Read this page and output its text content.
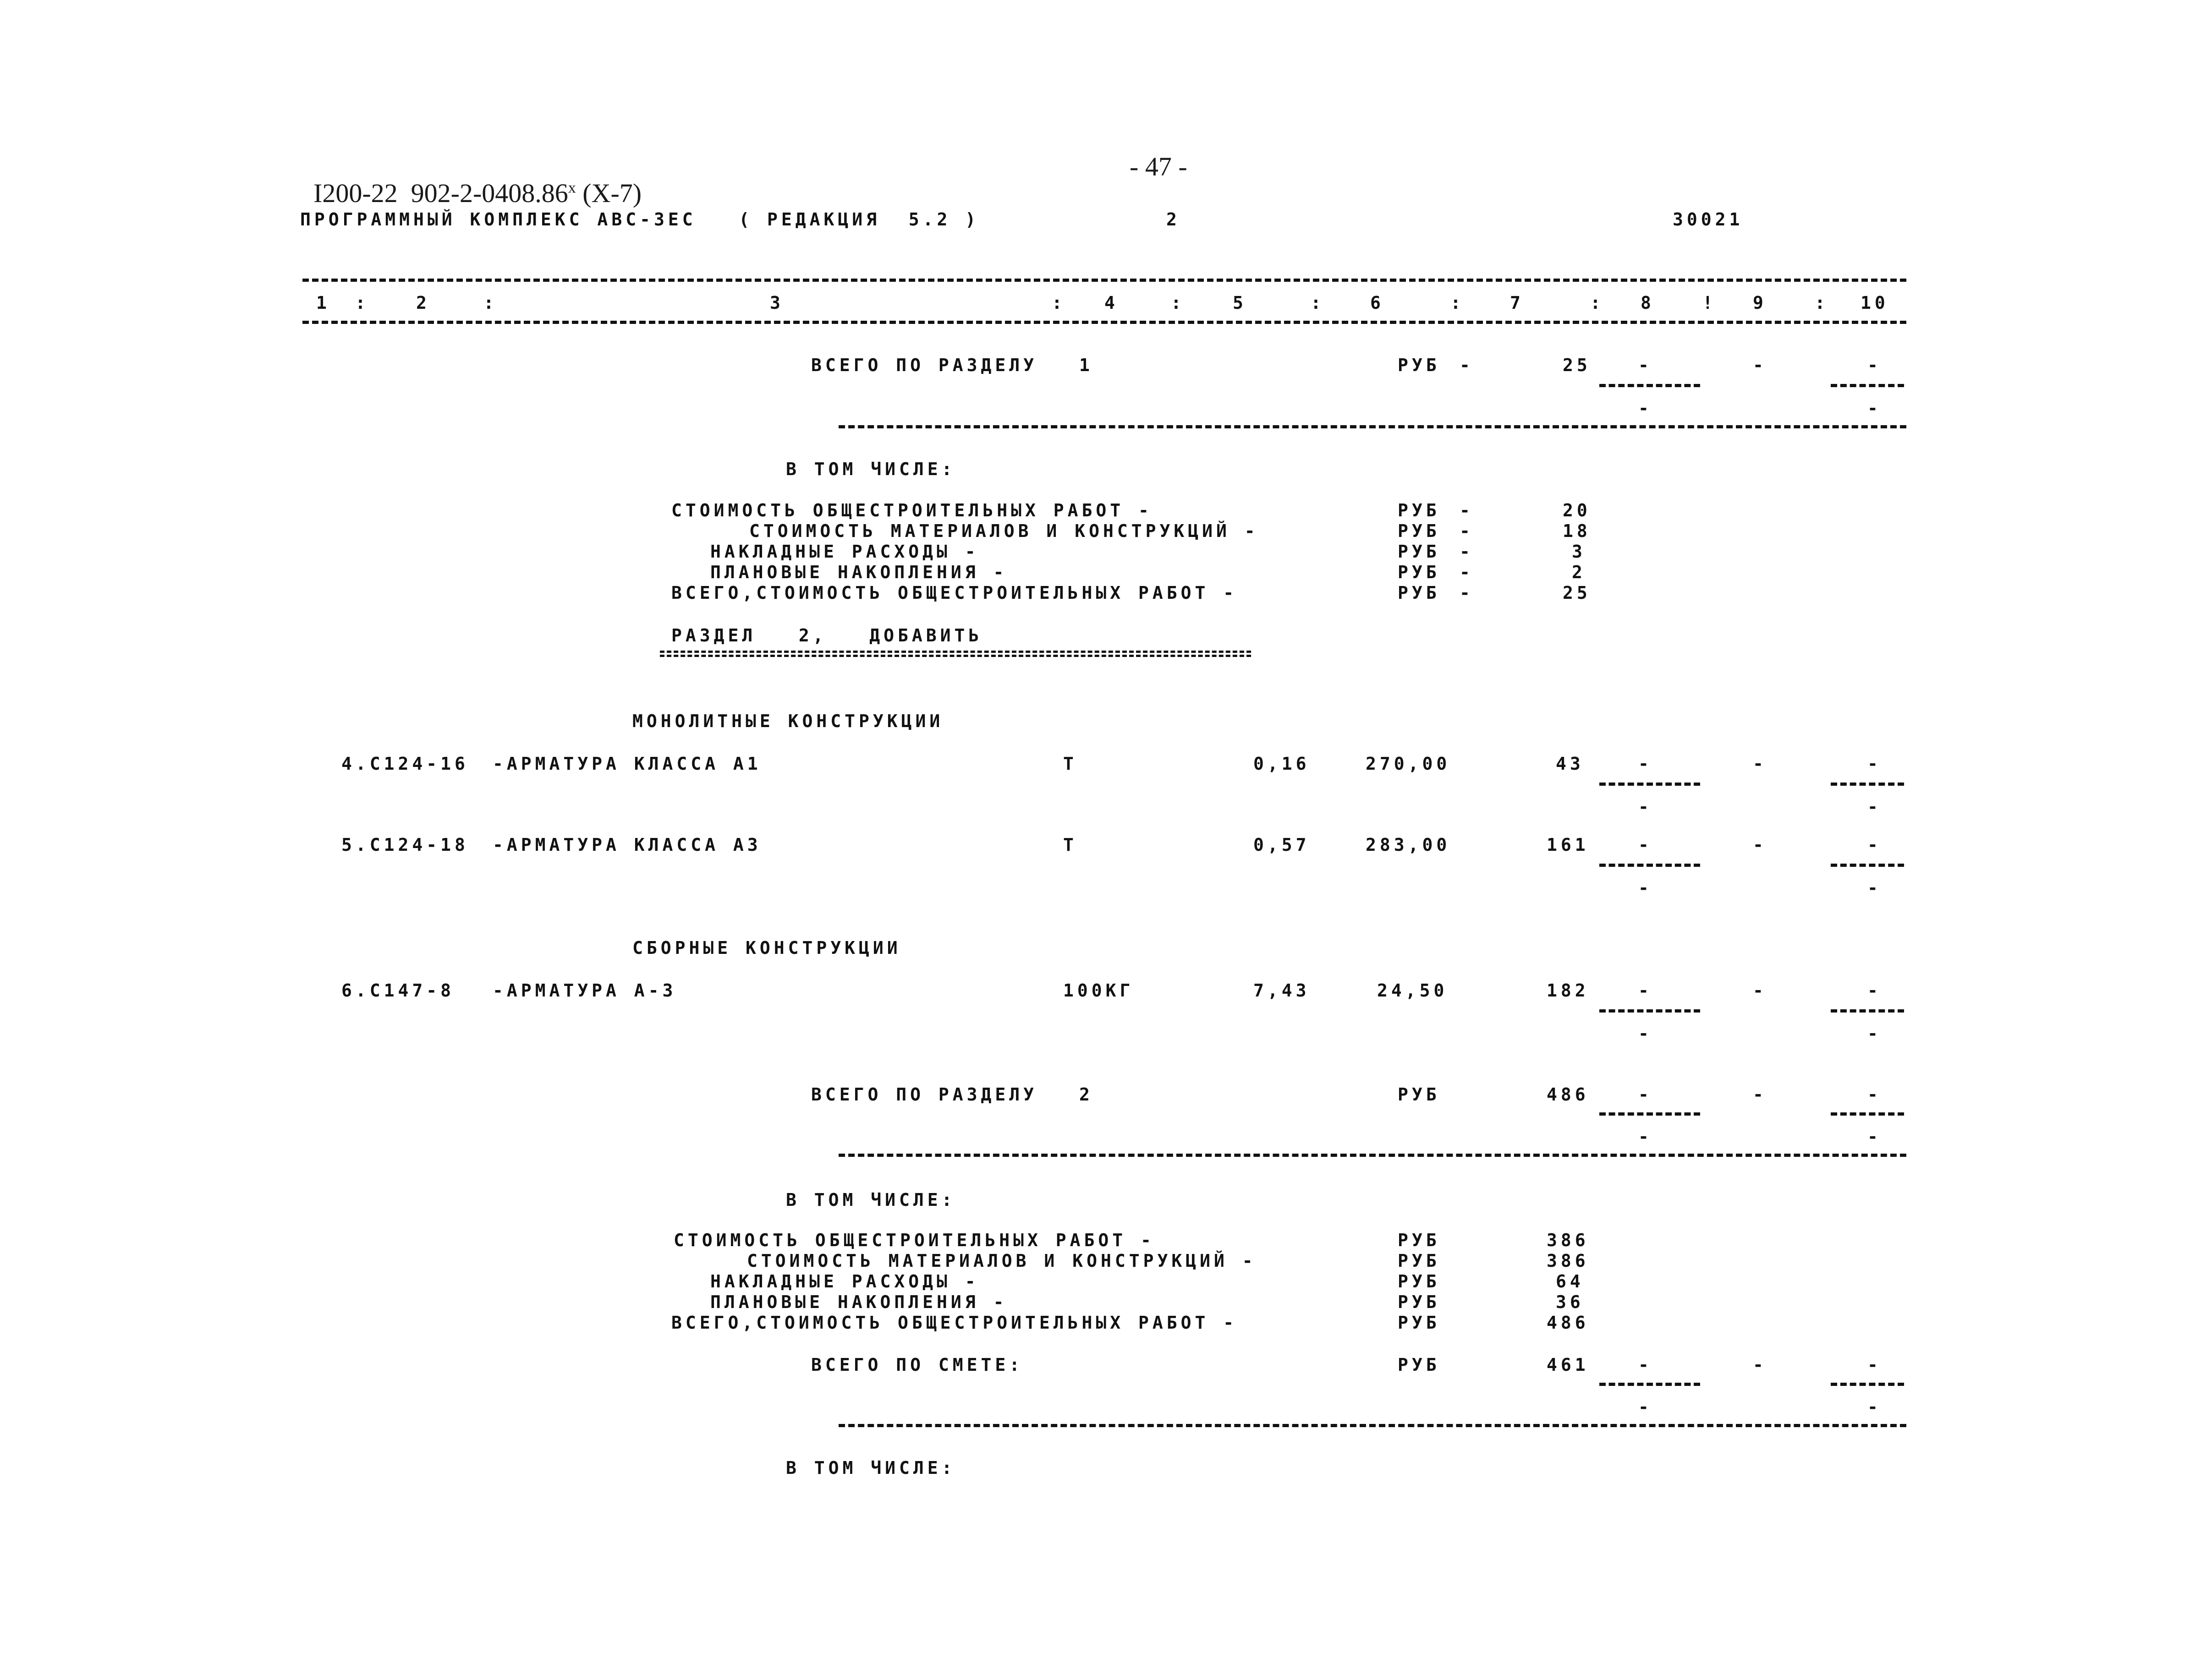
I200-22  902-2-0408.86$^x$ (X-7)

- 47 -
ПРОГРАММНЫЙ КОМПЛЕКС АВС-ЗЕС   ( РЕДАКЦИЯ  5.2 )	2	30021
1 :	2	:	3	: 4	:	5	:	6	:	7	: 8	! 9	: 10
ВСЕГО ПО РАЗДЕЛУ 1	РУБ -	25	-	-	-
-	-
В ТОМ ЧИСЛЕ:
СТОИМОСТЬ ОБЩЕСТРОИТЕЛЬНЫХ РАБОТ -	РУБ -	20
СТОИМОСТЬ МАТЕРИАЛОВ И КОНСТРУКЦИЙ -	РУБ -	18
НАКЛАДНЫЕ РАСХОДЫ -	РУБ -	3
ПЛАНОВЫЕ НАКОПЛЕНИЯ -	РУБ -	2
ВСЕГО,СТОИМОСТЬ ОБЩЕСТРОИТЕЛЬНЫХ РАБОТ -	РУБ -	25
РАЗДЕЛ   2,   ДОБАВИТЬ
МОНОЛИТНЫЕ КОНСТРУКЦИИ
4.С124-16 -АРМАТУРА КЛАССА А1	Т	0,16	270,00	43	-	-	-
-	-
5.С124-18 -АРМАТУРА КЛАССА А3	Т	0,57	283,00	161	-	-	-
-	-
СБОРНЫЕ КОНСТРУКЦИИ
6.С147-8 -АРМАТУРА А-3	100КГ	7,43	24,50	182	-	-	-
-	-
ВСЕГО ПО РАЗДЕЛУ 2	РУБ	486	-	-	-
-	-
В ТОМ ЧИСЛЕ:
СТОИМОСТЬ ОБЩЕСТРОИТЕЛЬНЫХ РАБОТ -	РУБ	386
СТОИМОСТЬ МАТЕРИАЛОВ И КОНСТРУКЦИЙ -	РУБ	386
НАКЛАДНЫЕ РАСХОДЫ -	РУБ	64
ПЛАНОВЫЕ НАКОПЛЕНИЯ -	РУБ	36
ВСЕГО,СТОИМОСТЬ ОБЩЕСТРОИТЕЛЬНЫХ РАБОТ -	РУБ	486
ВСЕГО ПО СМЕТЕ:	РУБ	461	-	-	-
-	-
В ТОМ ЧИСЛЕ:
